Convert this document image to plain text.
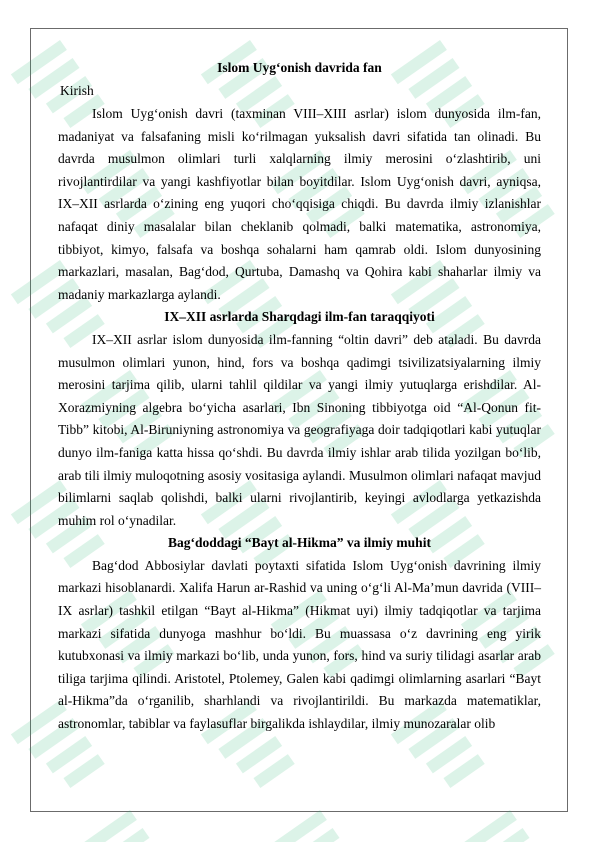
Islom Uyg‘onish davrida fan
Kirish

Islom Uyg‘onish davri (taxminan VIII–XIII asrlar) islom dunyosida ilm-fan, madaniyat va falsafaning misli ko‘rilmagan yuksalish davri sifatida tan olinadi. Bu davrda musulmon olimlari turli xalqlarning ilmiy merosini o‘zlashtirib, uni rivojlantirdilar va yangi kashfiyotlar bilan boyitdilar. Islom Uyg‘onish davri, ayniqsa, IX–XII asrlarda o‘zining eng yuqori cho‘qqisiga chiqdi. Bu davrda ilmiy izlanishlar nafaqat diniy masalalar bilan cheklanib qolmadi, balki matematika, astronomiya, tibbiyot, kimyo, falsafa va boshqa sohalarni ham qamrab oldi. Islom dunyosining markazlari, masalan, Bag‘dod, Qurtuba, Damashq va Qohira kabi shaharlar ilmiy va madaniy markazlarga aylandi.

IX–XII asrlarda Sharqdagi ilm-fan taraqqiyoti

IX–XII asrlar islom dunyosida ilm-fanning “oltin davri” deb ataladi. Bu davrda musulmon olimlari yunon, hind, fors va boshqa qadimgi tsivilizatsiyalarning ilmiy merosini tarjima qilib, ularni tahlil qildilar va yangi ilmiy yutuqlarga erishdilar. Al-Xorazmiyning algebra bo‘yicha asarlari, Ibn Sinoning tibbiyotga oid “Al-Qonun fit-Tibb” kitobi, Al-Biruniyning astronomiya va geografiyaga doir tadqiqotlari kabi yutuqlar dunyo ilm-faniga katta hissa qo‘shdi. Bu davrda ilmiy ishlar arab tilida yozilgan bo‘lib, arab tili ilmiy muloqotning asosiy vositasiga aylandi. Musulmon olimlari nafaqat mavjud bilimlarni saqlab qolishdi, balki ularni rivojlantirib, keyingi avlodlarga yetkazishda muhim rol o‘ynadilar.

Bag‘doddagi “Bayt al-Hikma” va ilmiy muhit

Bag‘dod Abbosiylar davlati poytaxti sifatida Islom Uyg‘onish davrining ilmiy markazi hisoblanardi. Xalifa Harun ar-Rashid va uning o‘g‘li Al-Ma’mun davrida (VIII–IX asrlar) tashkil etilgan “Bayt al-Hikma” (Hikmat uyi) ilmiy tadqiqotlar va tarjima markazi sifatida dunyoga mashhur bo‘ldi. Bu muassasa o‘z davrining eng yirik kutubxonasi va ilmiy markazi bo‘lib, unda yunon, fors, hind va suriy tilidagi asarlar arab tiliga tarjima qilindi. Aristotel, Ptolemey, Galen kabi qadimgi olimlarning asarlari “Bayt al-Hikma”da o‘rganilib, sharhlandi va rivojlantirildi. Bu markazda matematiklar, astronomlar, tabiblar va faylasuflar birgalikda ishlaydilar, ilmiy munozaralar olib
